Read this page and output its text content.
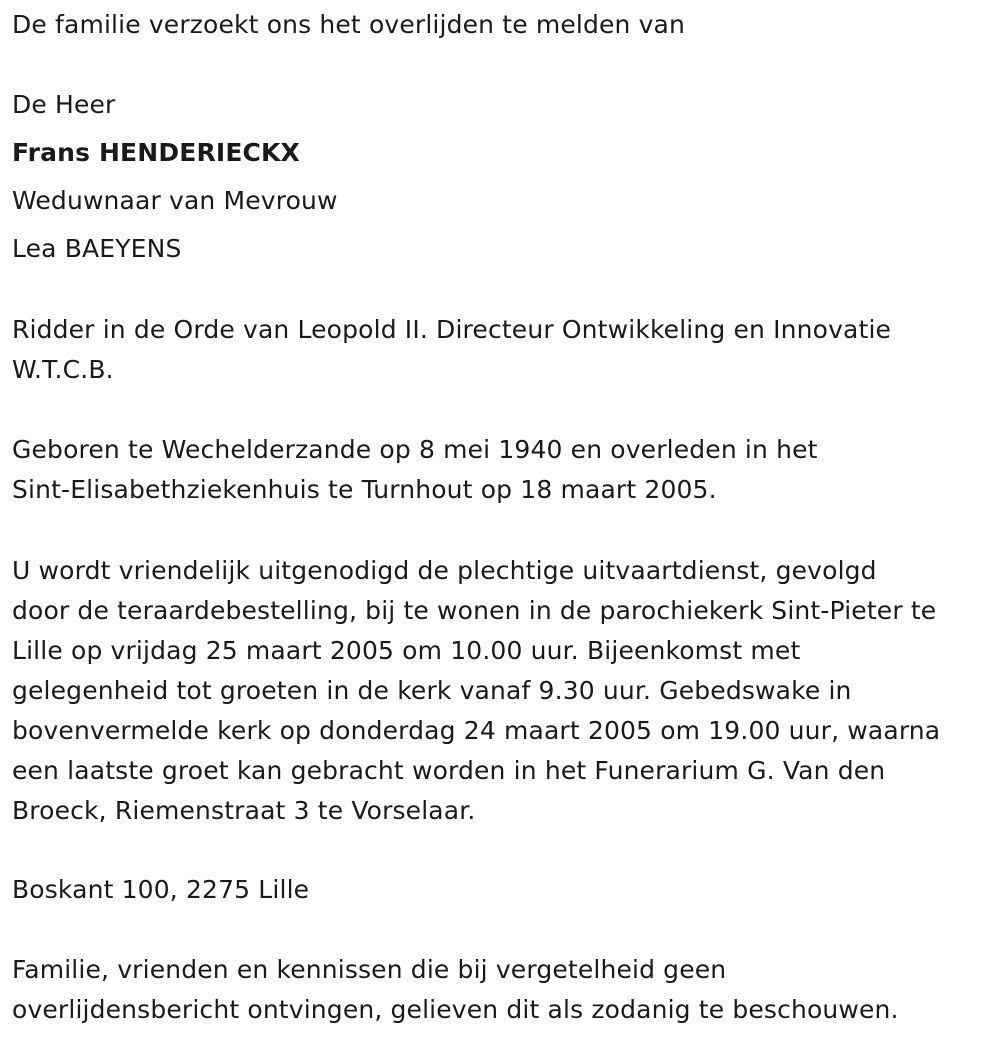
De familie verzoekt ons het overlijden te melden van
De Heer
Frans HENDERIECKX
Weduwnaar van Mevrouw
Lea BAEYENS
Ridder in de Orde van Leopold II. Directeur Ontwikkeling en Innovatie
W.T.C.B.
Geboren te Wechelderzande op 8 mei 1940 en overleden in het
Sint-Elisabethziekenhuis te Turnhout op 18 maart 2005.
U wordt vriendelijk uitgenodigd de plechtige uitvaartdienst, gevolgd
door de teraardebestelling, bij te wonen in de parochiekerk Sint-Pieter te
Lille op vrijdag 25 maart 2005 om 10.00 uur. Bijeenkomst met
gelegenheid tot groeten in de kerk vanaf 9.30 uur. Gebedswake in
bovenvermelde kerk op donderdag 24 maart 2005 om 19.00 uur, waarna
een laatste groet kan gebracht worden in het Funerarium G. Van den
Broeck, Riemenstraat 3 te Vorselaar.
Boskant 100, 2275 Lille
Familie, vrienden en kennissen die bij vergetelheid geen
overlijdensbericht ontvingen, gelieven dit als zodanig te beschouwen.
